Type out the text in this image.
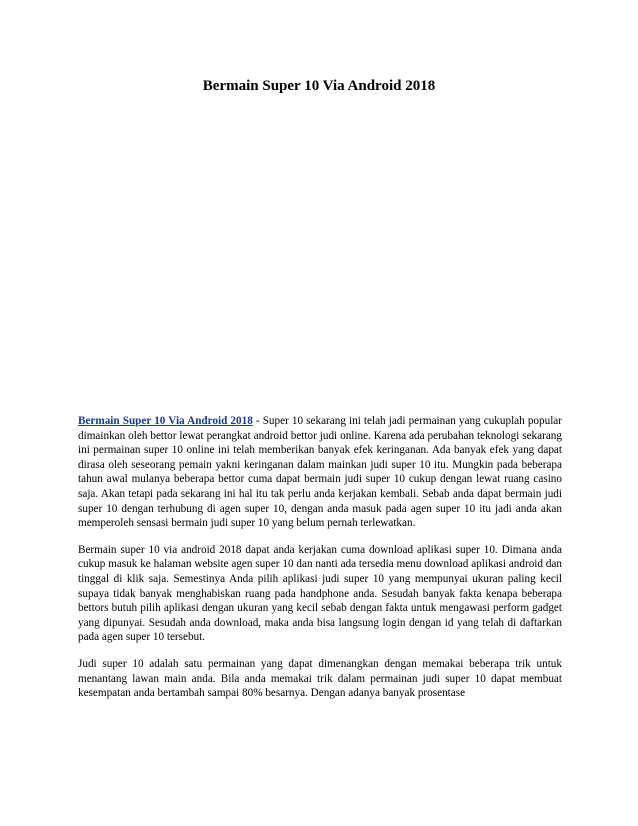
Bermain Super 10 Via Android 2018

Bermain Super 10 Via Android 2018 - Super 10 sekarang ini telah jadi permainan yang cukuplah popular dimainkan oleh bettor lewat perangkat android bettor judi online. Karena ada perubahan teknologi sekarang ini permainan super 10 online ini telah memberikan banyak efek keringanan. Ada banyak efek yang dapat dirasa oleh seseorang pemain yakni keringanan dalam mainkan judi super 10 itu. Mungkin pada beberapa tahun awal mulanya beberapa bettor cuma dapat bermain judi super 10 cukup dengan lewat ruang casino saja. Akan tetapi pada sekarang ini hal itu tak perlu anda kerjakan kembali. Sebab anda dapat bermain judi super 10 dengan terhubung di agen super 10, dengan anda masuk pada agen super 10 itu jadi anda akan memperoleh sensasi bermain judi super 10 yang belum pernah terlewatkan.

Bermain super 10 via android 2018 dapat anda kerjakan cuma download aplikasi super 10. Dimana anda cukup masuk ke halaman website agen super 10 dan nanti ada tersedia menu download aplikasi android dan tinggal di klik saja. Semestinya Anda pilih aplikasi judi super 10 yang mempunyai ukuran paling kecil supaya tidak banyak menghabiskan ruang pada handphone anda. Sesudah banyak fakta kenapa beberapa bettors butuh pilih aplikasi dengan ukuran yang kecil sebab dengan fakta untuk mengawasi perform gadget yang dipunyai. Sesudah anda download, maka anda bisa langsung login dengan id yang telah di daftarkan pada agen super 10 tersebut.

Judi super 10 adalah satu permainan yang dapat dimenangkan dengan memakai beberapa trik untuk menantang lawan main anda. Bila anda memakai trik dalam permainan judi super 10 dapat membuat kesempatan anda bertambah sampai 80% besarnya. Dengan adanya banyak prosentase
